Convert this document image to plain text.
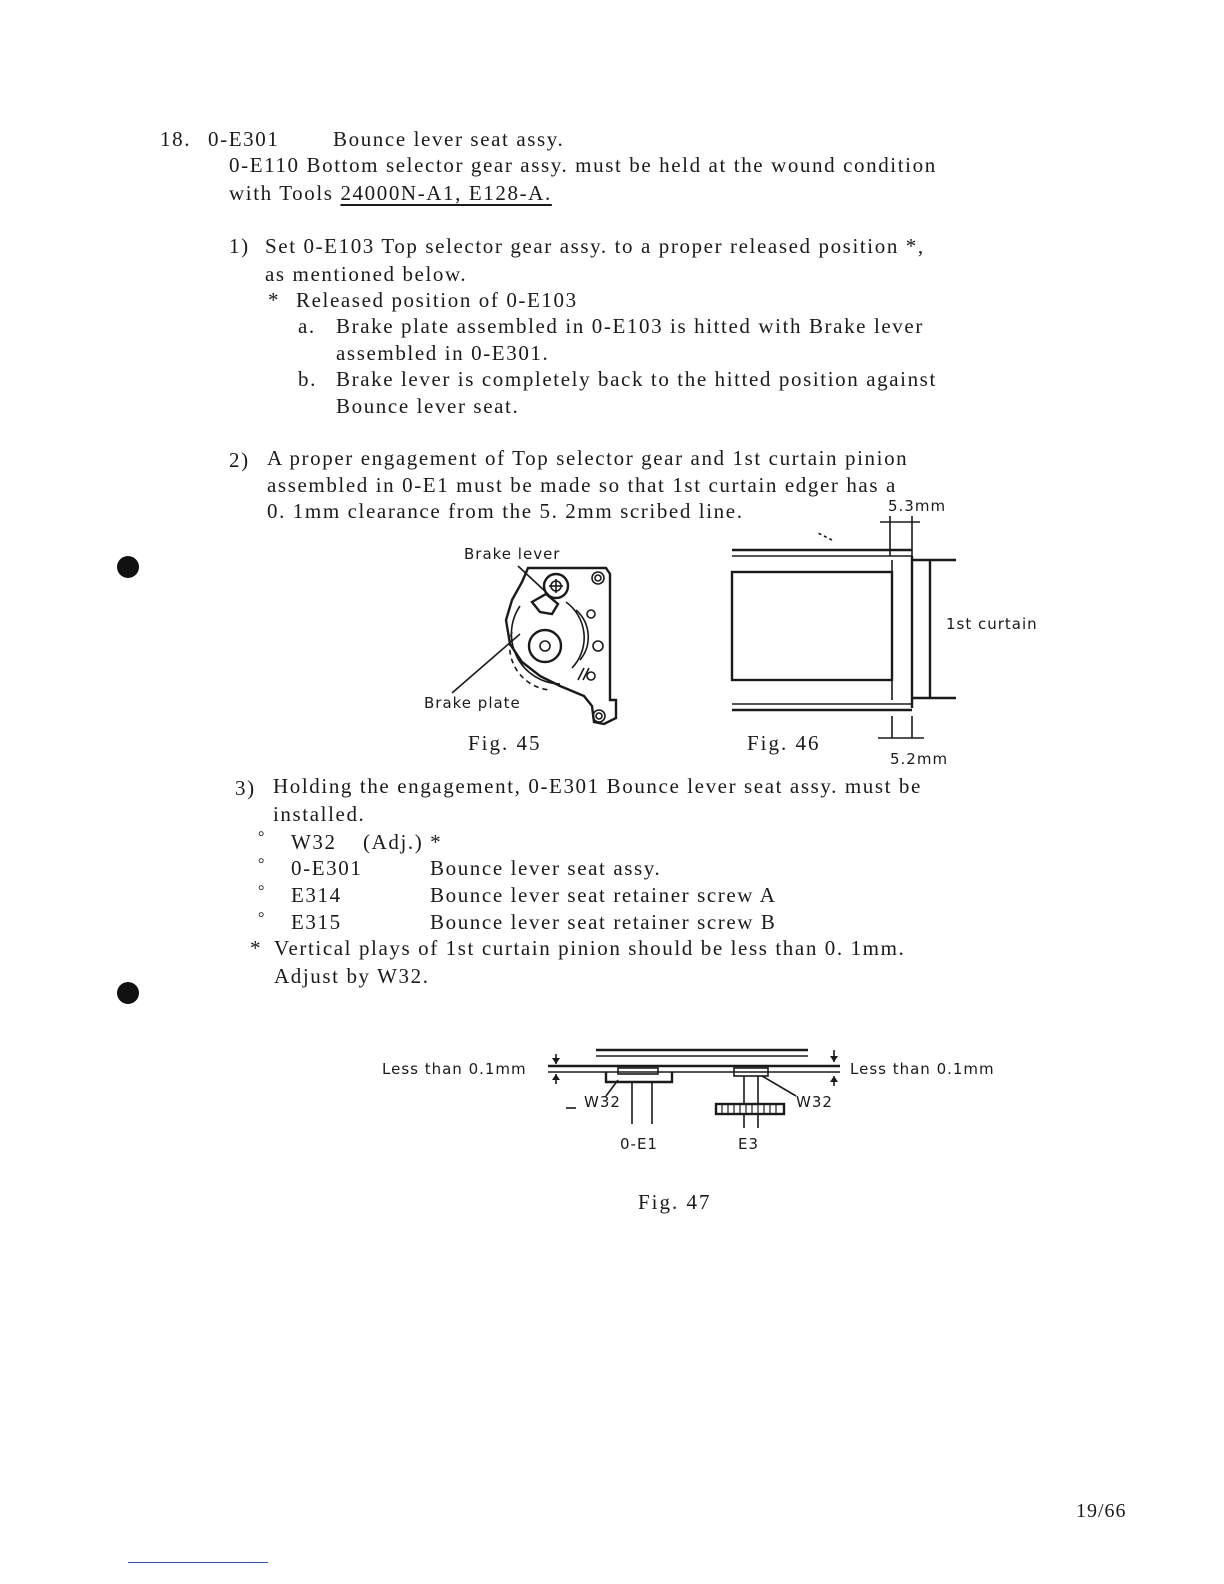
18. 0-E301	Bounce lever seat assy.
0-E110 Bottom selector gear assy. must be held at the wound condition
with Tools 24000N-A1, E128-A.
1) Set 0-E103 Top selector gear assy. to a proper released position *,
as mentioned below.
* Released position of 0-E103
a. Brake plate assembled in 0-E103 is hitted with Brake lever
assembled in 0-E301.
b. Brake lever is completely back to the hitted position against
Bounce lever seat.
2) A proper engagement of Top selector gear and 1st curtain pinion
assembled in 0-E1 must be made so that 1st curtain edger has a
0. 1mm clearance from the 5. 2mm scribed line.
Brake lever
Brake plate
Fig. 45
5.3mm
1st curtain
5.2mm
Fig. 46
3) Holding the engagement, 0-E301 Bounce lever seat assy. must be
installed.
° W32 (Adj.) *
° 0-E301	Bounce lever seat assy.
° E314	Bounce lever seat retainer screw A
° E315	Bounce lever seat retainer screw B
* Vertical plays of 1st curtain pinion should be less than 0. 1mm.
Adjust by W32.
Less than 0.1mm	Less than 0.1mm
W32	W32
0-E1	E3
Fig. 47
19/66
